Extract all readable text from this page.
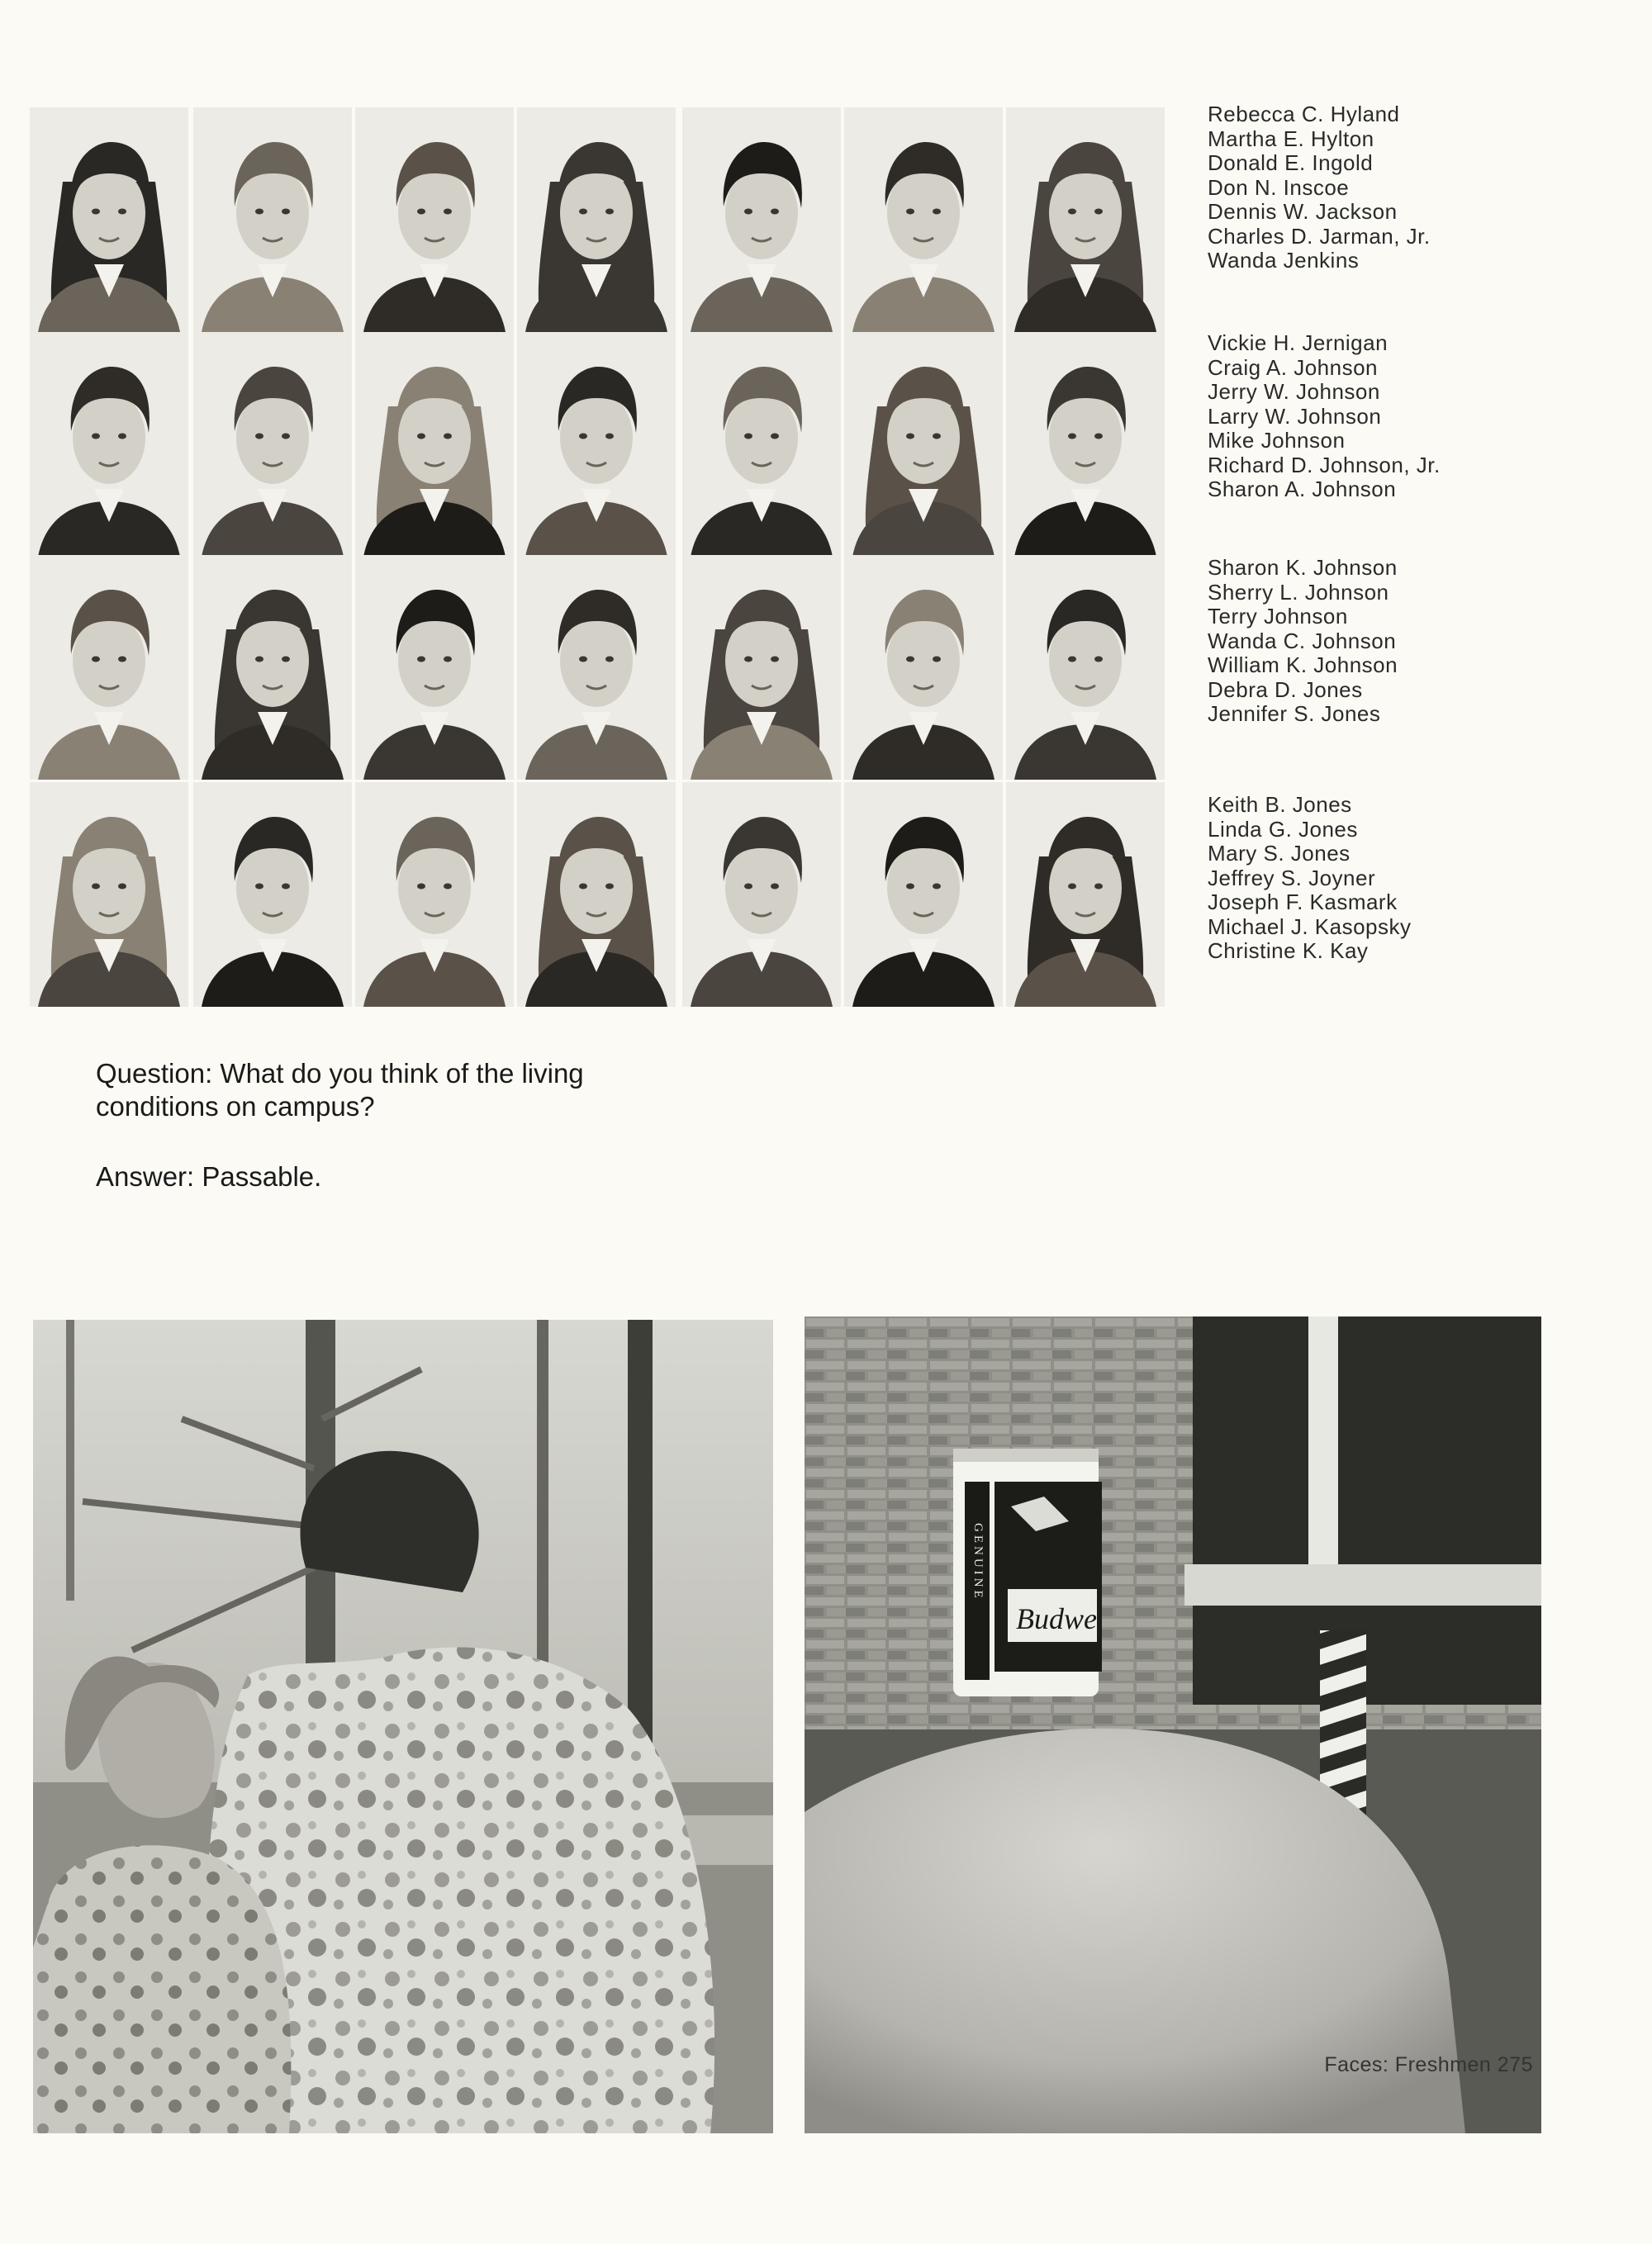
Rebecca C. Hyland
Martha E. Hylton
Donald E. Ingold
Don N. Inscoe
Dennis W. Jackson
Charles D. Jarman, Jr.
Wanda Jenkins
Vickie H. Jernigan
Craig A. Johnson
Jerry W. Johnson
Larry W. Johnson
Mike Johnson
Richard D. Johnson, Jr.
Sharon A. Johnson
Sharon K. Johnson
Sherry L. Johnson
Terry Johnson
Wanda C. Johnson
William K. Johnson
Debra D. Jones
Jennifer S. Jones
Keith B. Jones
Linda G. Jones
Mary S. Jones
Jeffrey S. Joyner
Joseph F. Kasmark
Michael J. Kasopsky
Christine K. Kay
Question: What do you think of the living
conditions on campus?
Answer: Passable.
Budwe
GENUINE
Faces: Freshmen 275
